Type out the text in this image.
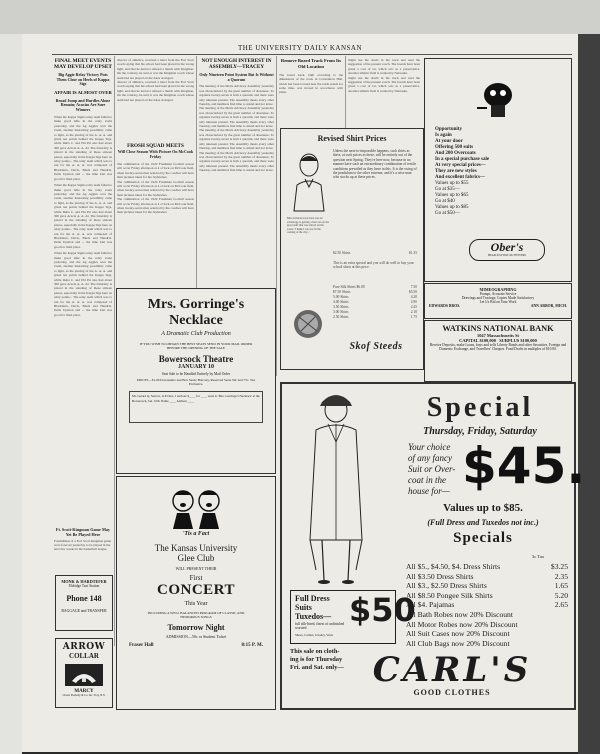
THE UNIVERSITY DAILY KANSAN
FINAL MEET EVENTS MAY DEVELOP UPSET
Big Aggie Relay Victory Puts Them Close on Heels of Kappa Sigs
AFFAIR IS ALMOST OVER
Broad Jump and Hurdles Alone Remain; Acacias Are Sure Winners
When the Kappa Sigma relay team failed to make good time in the relay event yesterday, and the Ag Aggies won the event, another interesting possibility came to light, as the placing of the A. A. A. and given ten points behind the Kappa Sigs, while Delta C. and Phi Psi also had about 300 gave Acacia A. A. Al. The fraternity is placed in the standing of these sixteen places, especially in the Kappa Sigs here on relay points... The relay team which was to run for the A. A. A. was composed of Blackburn, Davis, Black and Hendrix. Delta Upsilon and ... the time trial was good for third place.
When the Kappa Sigma relay team failed to make good time in the relay event yesterday, and the Ag Aggies won the event, another interesting possibility came to light, as the placing of the A. A. A. and given ten points behind the Kappa Sigs, while Delta C. and Phi Psi also had about 300 gave Acacia A. A. Al. The fraternity is placed in the standing of these sixteen places, especially in the Kappa Sigs here on relay points... The relay team which was to run for the A. A. A. was composed of Blackburn, Davis, Black and Hendrix. Delta Upsilon and ... the time trial was good for third place.
When the Kappa Sigma relay team failed to make good time in the relay event yesterday, and the Ag Aggies won the event, another interesting possibility came to light, as the placing of the A. A. A. and given ten points behind the Kappa Sigs, while Delta C. and Phi Psi also had about 300 gave Acacia A. A. Al. The fraternity is placed in the standing of these sixteen places, especially in the Kappa Sigs here on relay points... The relay team which was to run for the A. A. A. was composed of Blackburn, Davis, Black and Hendrix. Delta Upsilon and ... the time trial was good for third place.
Ft. Scott-Kingman Game May Yet Be Played Here
Possibilities of a Fort Scott-Kingman game were forecast yesterday to be played in the next few weeks in the basketball league.
MONK & HARDTEFER
Eldridge Taxi Station
Phone 148
BAGGAGE and TRANSFER
ARROW
COLLAR
MARCY
Cluett, Peabody & Co. Inc. Troy, N.Y.
director of athletics, received a letter from the Fort Scott coach saying that his school had been placed in the wrong light, and that he had not refused a match with Kingman. On the contrary, he said, it was the Kingman coach whose team had not played on the dates arranged.
director of athletics, received a letter from the Fort Scott coach saying that his school had been placed in the wrong light, and that he had not refused a match with Kingman. On the contrary, he said, it was the Kingman coach whose team had not played on the dates arranged.
FROSH SQUAD MEETS
Will Close Season With Picture On McCook Friday
The culmination of the 1920 Freshman football season will occur Friday afternoon at 4 o'clock on McCook field, when twenty-seven men selected by the coaches will have their pictures taken for the Jayhawker.
The culmination of the 1920 Freshman football season will occur Friday afternoon at 4 o'clock on McCook field, when twenty-seven men selected by the coaches will have their pictures taken for the Jayhawker.
The culmination of the 1920 Freshman football season will occur Friday afternoon at 4 o'clock on McCook field, when twenty-seven men selected by the coaches will have their pictures taken for the Jayhawker.
NOT ENOUGH INTEREST IN ASSEMBLY—TRACEY
Only Nineteen Point System But Is Without a Quorum
The meeting of the Men's Advisory Assembly yesterday was characterized by the great number of absentees. To organize twenty-seven is both a quorum, and there were only nineteen present. The Assembly meets every other Tuesday, and members find time to attend and not leave.
The meeting of the Men's Advisory Assembly yesterday was characterized by the great number of absentees. To organize twenty-seven is both a quorum, and there were only nineteen present. The Assembly meets every other Tuesday, and members find time to attend and not leave.
The meeting of the Men's Advisory Assembly yesterday was characterized by the great number of absentees. To organize twenty-seven is both a quorum, and there were only nineteen present. The Assembly meets every other Tuesday, and members find time to attend and not leave.
The meeting of the Men's Advisory Assembly yesterday was characterized by the great number of absentees. To organize twenty-seven is both a quorum, and there were only nineteen present. The Assembly meets every other Tuesday, and members find time to attend and not leave.
Remove Board Track From Its Old Location
The board track, built according to the dimensions of the track in Convention Hall, which has been located near the north stands for some time, was moved in accordance with plans.
might use the doubt in the track and read the suggestion of the present coach. The boards have been given a coat of tar, which acts as a preservative. Another athletic field is wanted by Nebraska.
might use the doubt in the track and read the suggestion of the present coach. The boards have been given a coat of tar, which acts as a preservative. Another athletic field is wanted by Nebraska.
Opportunity
Is again
At your door
Offering 500 suits
And 200 Overcoats
In a special purchase sale
At very special prices—
They are new styles
And excellent fabrics—
Values up to $55
Go at $35—
Values up to $65
Go at $40
Values up to $85
Go at $50—
Ober's
HEAD-TO-FOOT OUTFITTERS
Revised Shirt Prices
Miss Gilstead says there was an advantage to getting a hair cut ere the great stuff that was stirred on the scene. 'I think I can see far the coming of the city...'
Unless the next-to-impossible happens, such shirts as these, at such prices as these, will be entirely out of the question next Spring. They're here now, because in no manner have such an extraordinary combination of textile conditions prevailed as they have in this. It is the swing of the pendulum to the other extreme, and it's a wise man who stocks up at these prices.
$2.50 Shirts	$1.35
This is an extra special and you will do well to buy your school shirts at this price.
Pure Silk Shirts $6.00	7.50
$7.50 Shirts	$5.50
5.00 Shirts	4.20
4.00 Shirts	2.90
3.50 Shirts	2.45
3.00 Shirts	2.10
2.50 Shirts	1.75
Skof Steeds
MIMEOGRAPHING
Prompt, Accurate Service
Drawings and Tracings; Copies Made Satisfactory
Let Us Bid on Your Work
EDWARDS BROS.	ANN ARBOR, MICH.
WATKINS NATIONAL BANK
1047 Massachusetts St
CAPITAL $100,000 SURPLUS $100,000
Receive Deposits, make Loans, buys and sells Liberty Bonds and other Securities, Foreign and Domestic Exchange, and Travellers' Cheques. Fund Drafts in multiples of $10.00.
Mrs. Gorringe's
Necklace
A Dramatic Club Production
IF YOU WISH TO OBTAIN THE BEST SEATS SEND IN YOUR MAIL ORDER BEFORE THE OPENING OF THE SALE
Bowersock Theatre
JANUARY 10
Seat Sale to be Handled Entirely by Mail Order
PRICES—$1.00 Downstairs and Box Seats; Balcony, Reserved Seats 50c and 75c. Tax Exclusive.
Mr. Gerard Q. Sarrow, 1145 Ind., I enclose $____ for ____ seats to 'Mrs. Gorringe's Necklace' at the Bowersock, Jan. 10th. Name ____ Address ____
'Tis a Fact
The Kansas University
Glee Club
WILL PRESENT THEIR
First
CONCERT
This Year
INCLUDING A WELL BALANCED PROGRAM OF CLASSIC AND HUMOROUS SONGS
Tomorrow Night
ADMISSION—50c or Student Ticket
Fraser Hall	8:15 P. M.
Special
Thursday, Friday, Saturday
Your choice
of any fancy
Suit or Over-
coat in the
house for— $45.
Values up to $85.
(Full Dress and Tuxedos not inc.)
Specials
3c Tax
All $5., $4.50, $4. Dress Shirts	$3.25
All $3.50 Dress Shirts	2.35
All $3., $2.50 Dress Shirts	1.65
All $8.50 Pongee Silk Shirts	5.20
All $4. Pajamas	2.65
All Bath Robes now 20% Discount
All Motor Robes now 20% Discount
All Suit Cases now 20% Discount
All Club Bags now 20% Discount
Full Dress
Suits
Tuxedos—
full silk-lined, finest of unfinished worsted
Shoes, Collars, Jewelry, Vests
$50
This sale on cloth-
ing is for Thursday
Fri. and Sat. only— CARL'S
GOOD CLOTHES
